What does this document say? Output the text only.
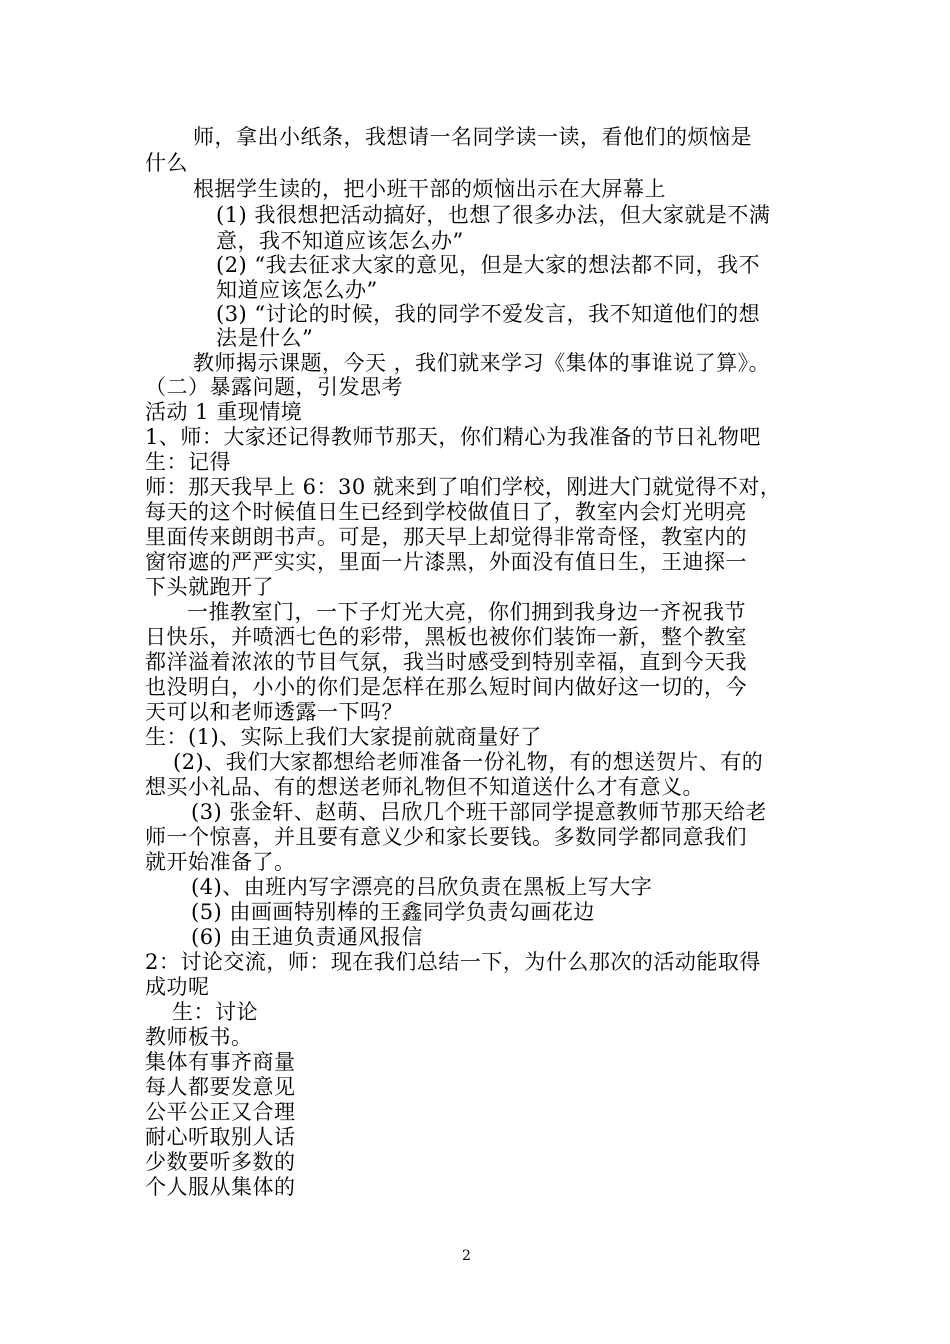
师，拿出小纸条，我想请一名同学读一读，看他们的烦恼是
什么
根据学生读的，把小班干部的烦恼出示在大屏幕上
(1) 我很想把活动搞好，也想了很多办法，但大家就是不满
意，我不知道应该怎么办”
(2) “我去征求大家的意见，但是大家的想法都不同，我不
知道应该怎么办”
(3) “讨论的时候，我的同学不爱发言，我不知道他们的想
法是什么”
教师揭示课题，今天 ，我们就来学习《集体的事谁说了算》。
（二）暴露问题，引发思考
活动 1 重现情境
1、师：大家还记得教师节那天，你们精心为我准备的节日礼物吧
生：记得
师：那天我早上 6：30 就来到了咱们学校，刚进大门就觉得不对，
每天的这个时候值日生已经到学校做值日了，教室内会灯光明亮
里面传来朗朗书声。可是，那天早上却觉得非常奇怪，教室内的
窗帘遮的严严实实，里面一片漆黑，外面没有值日生，王迪探一
下头就跑开了
一推教室门，一下子灯光大亮，你们拥到我身边一齐祝我节
日快乐，并喷洒七色的彩带，黑板也被你们装饰一新，整个教室
都洋溢着浓浓的节目气氛，我当时感受到特别幸福，直到今天我
也没明白，小小的你们是怎样在那么短时间内做好这一切的，今
天可以和老师透露一下吗？
生：(1)、实际上我们大家提前就商量好了
(2)、我们大家都想给老师准备一份礼物，有的想送贺片、有的
想买小礼品、有的想送老师礼物但不知道送什么才有意义。
(3) 张金轩、赵萌、吕欣几个班干部同学提意教师节那天给老
师一个惊喜，并且要有意义少和家长要钱。多数同学都同意我们
就开始准备了。
(4)、由班内写字漂亮的吕欣负责在黑板上写大字
(5) 由画画特别棒的王鑫同学负责勾画花边
(6) 由王迪负责通风报信
2：讨论交流，师：现在我们总结一下，为什么那次的活动能取得
成功呢
生：讨论
教师板书。
集体有事齐商量
每人都要发意见
公平公正又合理
耐心听取别人话
少数要听多数的
个人服从集体的
2
